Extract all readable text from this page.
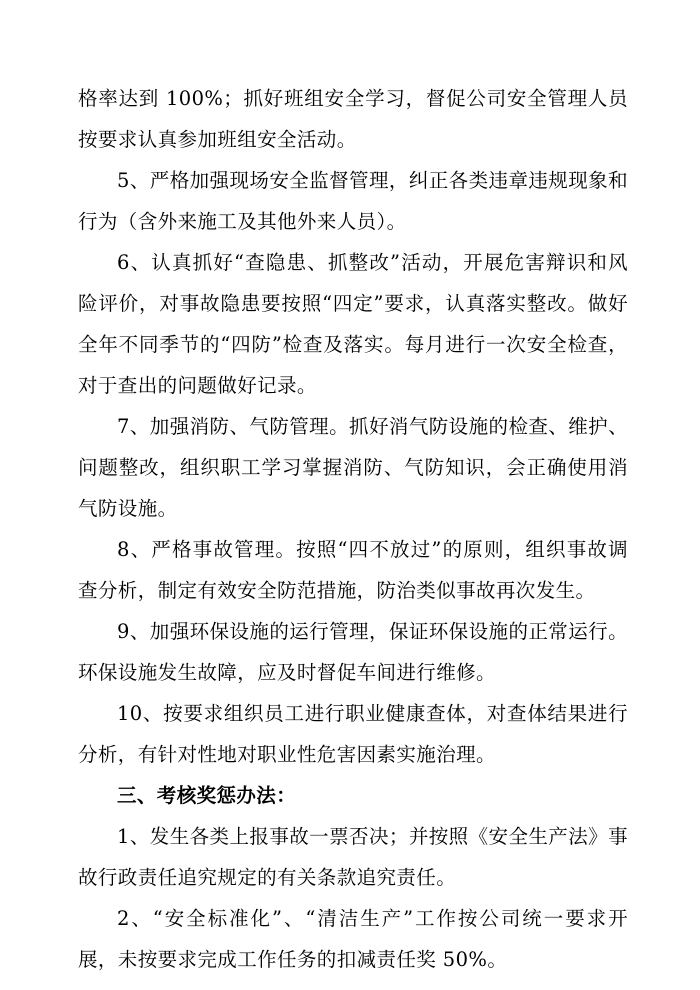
格率达到 100%；抓好班组安全学习，督促公司安全管理人员按要求认真参加班组安全活动。

5、严格加强现场安全监督管理，纠正各类违章违规现象和行为（含外来施工及其他外来人员）。

6、认真抓好“查隐患、抓整改”活动，开展危害辩识和风险评价，对事故隐患要按照“四定”要求，认真落实整改。做好全年不同季节的“四防”检查及落实。每月进行一次安全检查，对于查出的问题做好记录。

7、加强消防、气防管理。抓好消气防设施的检查、维护、问题整改，组织职工学习掌握消防、气防知识，会正确使用消气防设施。

8、严格事故管理。按照“四不放过”的原则，组织事故调查分析，制定有效安全防范措施，防治类似事故再次发生。

9、加强环保设施的运行管理，保证环保设施的正常运行。环保设施发生故障，应及时督促车间进行维修。

10、按要求组织员工进行职业健康查体，对查体结果进行分析，有针对性地对职业性危害因素实施治理。

三、考核奖惩办法：

1、发生各类上报事故一票否决；并按照《安全生产法》事故行政责任追究规定的有关条款追究责任。

2、“安全标准化”、“清洁生产”工作按公司统一要求开展，未按要求完成工作任务的扣减责任奖 50%。
